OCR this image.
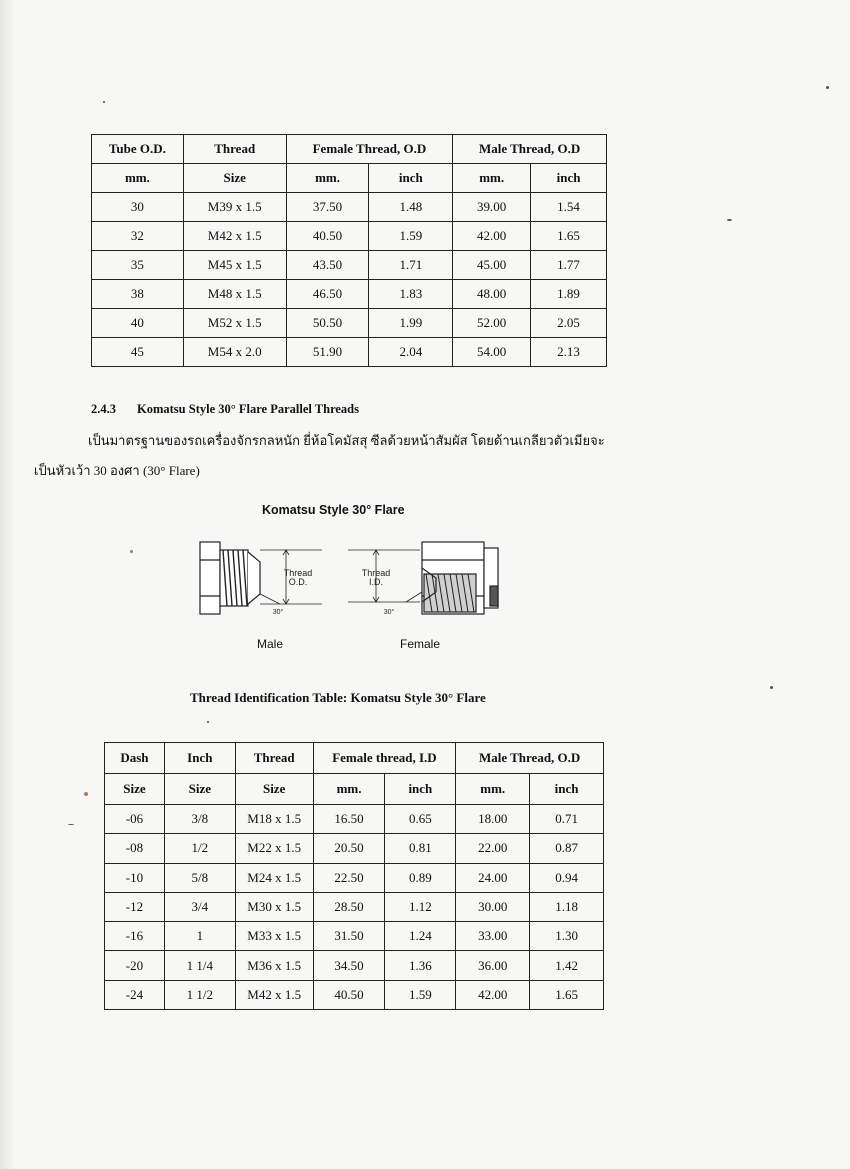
Tube O.D.	Thread	Female Thread, O.D		Male Thread, O.D	
mm.	Size	mm.	inch	mm.	inch
30	M39 x 1.5	37.50	1.48	39.00	1.54
32	M42 x 1.5	40.50	1.59	42.00	1.65
35	M45 x 1.5	43.50	1.71	45.00	1.77
38	M48 x 1.5	46.50	1.83	48.00	1.89
40	M52 x 1.5	50.50	1.99	52.00	2.05
45	M54 x 2.0	51.90	2.04	54.00	2.13
2.4.3 Komatsu Style 30° Flare Parallel Threads
เป็นมาตรฐานของรถเครื่องจักรกลหนัก ยี่ห้อโคมัสสุ ซีลด้วยหน้าสัมผัส โดยด้านเกลียวตัวเมียจะ
เป็นหัวเว้า 30 องศา (30° Flare)
Komatsu Style 30° Flare
Thread
O.D.
30°
Thread
I.D.
30°
Male	Female
Thread Identification Table: Komatsu Style 30° Flare
Dash	Inch	Thread	Female thread, I.D		Male Thread, O.D	
Size	Size	Size	mm.	inch	mm.	inch
-06	3/8	M18 x 1.5	16.50	0.65	18.00	0.71
-08	1/2	M22 x 1.5	20.50	0.81	22.00	0.87
-10	5/8	M24 x 1.5	22.50	0.89	24.00	0.94
-12	3/4	M30 x 1.5	28.50	1.12	30.00	1.18
-16	1	M33 x 1.5	31.50	1.24	33.00	1.30
-20	1 1/4	M36 x 1.5	34.50	1.36	36.00	1.42
-24	1 1/2	M42 x 1.5	40.50	1.59	42.00	1.65
